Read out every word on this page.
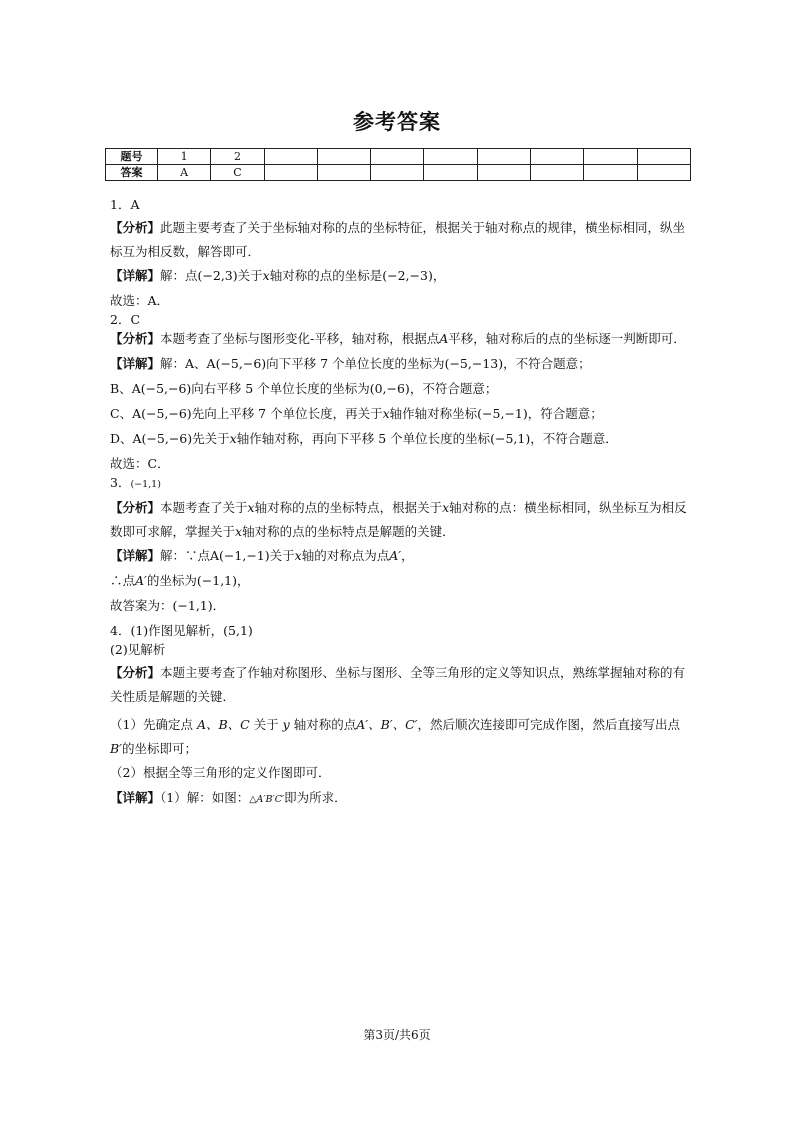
参考答案
题号	1	2								
答案	A	C								

1．A

【分析】此题主要考查了关于坐标轴对称的点的坐标特征，根据关于轴对称点的规律，横坐标相同，纵坐标互为相反数，解答即可．

【详解】解：点(−2,3)关于x轴对称的点的坐标是(−2,−3)，

故选：A．

2．C

【分析】本题考查了坐标与图形变化-平移，轴对称，根据点A平移，轴对称后的点的坐标逐一判断即可．

【详解】解：A、A(−5,−6)向下平移 7 个单位长度的坐标为(−5,−13)，不符合题意；

B、A(−5,−6)向右平移 5 个单位长度的坐标为(0,−6)，不符合题意；

C、A(−5,−6)先向上平移 7 个单位长度，再关于x轴作轴对称坐标(−5,−1)，符合题意；

D、A(−5,−6)先关于x轴作轴对称，再向下平移 5 个单位长度的坐标(−5,1)，不符合题意．

故选：C．

3．(−1,1)

【分析】本题考查了关于x轴对称的点的坐标特点，根据关于x轴对称的点：横坐标相同，纵坐标互为相反数即可求解，掌握关于x轴对称的点的坐标特点是解题的关键．

【详解】解：∵点A(−1,−1)关于x轴的对称点为点A′，

∴点A′的坐标为(−1,1)，

故答案为：(−1,1)．

4．(1)作图见解析，(5,1)

(2)见解析

【分析】本题主要考查了作轴对称图形、坐标与图形、全等三角形的定义等知识点，熟练掌握轴对称的有关性质是解题的关键．

（1）先确定点 A、B、C 关于 y 轴对称的点A′、B′、C′，然后顺次连接即可完成作图，然后直接写出点B′的坐标即可；

（2）根据全等三角形的定义作图即可．

【详解】（1）解：如图：△A′B′C′即为所求．

第3页/共6页
